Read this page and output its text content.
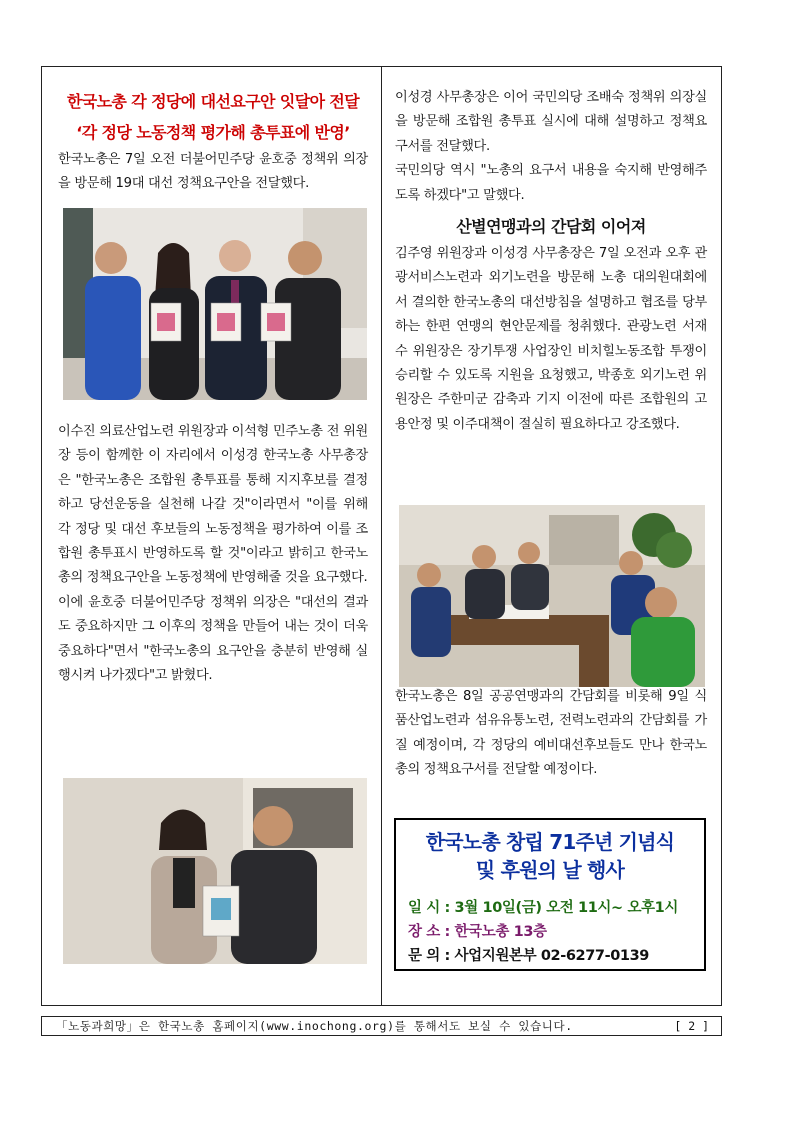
한국노총 각 정당에 대선요구안 잇달아 전달
‘각 정당 노동정책 평가해 총투표에 반영’

한국노총은 7일 오전 더불어민주당 윤호중 정책위 의장을 방문해 19대 대선 정책요구안을 전달했다.

이수진 의료산업노련 위원장과 이석형 민주노총 전 위원장 등이 함께한 이 자리에서 이성경 한국노총 사무총장은 "한국노총은 조합원 총투표를 통해 지지후보를 결정하고 당선운동을 실천해 나갈 것"이라면서 "이를 위해 각 정당 및 대선 후보들의 노동정책을 평가하여 이를 조합원 총투표시 반영하도록 할 것"이라고 밝히고 한국노총의 정책요구안을 노동정책에 반영해줄 것을 요구했다.

이에 윤호중 더불어민주당 정책위 의장은 "대선의 결과도 중요하지만 그 이후의 정책을 만들어 내는 것이 더욱 중요하다"면서 "한국노총의 요구안을 충분히 반영해 실행시켜 나가겠다"고 밝혔다.

이성경 사무총장은 이어 국민의당 조배숙 정책위 의장실을 방문해 조합원 총투표 실시에 대해 설명하고 정책요구서를 전달했다.

국민의당 역시 "노총의 요구서 내용을 숙지해 반영해주도록 하겠다"고 말했다.

산별연맹과의 간담회 이어져

김주영 위원장과 이성경 사무총장은 7일 오전과 오후 관광서비스노련과 외기노련을 방문해 노총 대의원대회에서 결의한 한국노총의 대선방침을 설명하고 협조를 당부하는 한편 연맹의 현안문제를 청취했다. 관광노련 서재수 위원장은 장기투쟁 사업장인 비치힐노동조합 투쟁이 승리할 수 있도록 지원을 요청했고, 박종호 외기노련 위원장은 주한미군 감축과 기지 이전에 따른 조합원의 고용안정 및 이주대책이 절실히 필요하다고 강조했다.

한국노총은 8일 공공연맹과의 간담회를 비롯해 9일 식품산업노련과 섬유유통노련, 전력노련과의 간담회를 가질 예정이며, 각 정당의 예비대선후보들도 만나 한국노총의 정책요구서를 전달할 예정이다.

한국노총 창립 71주년 기념식
및 후원의 날 행사
일 시 : 3월 10일(금) 오전 11시~ 오후1시
장 소 : 한국노총 13층
문 의 : 사업지원본부 02-6277-0139
「노동과희망」은 한국노총 홈페이지(www.inochong.org)를 통해서도 보실 수 있습니다.	[ 2 ]
